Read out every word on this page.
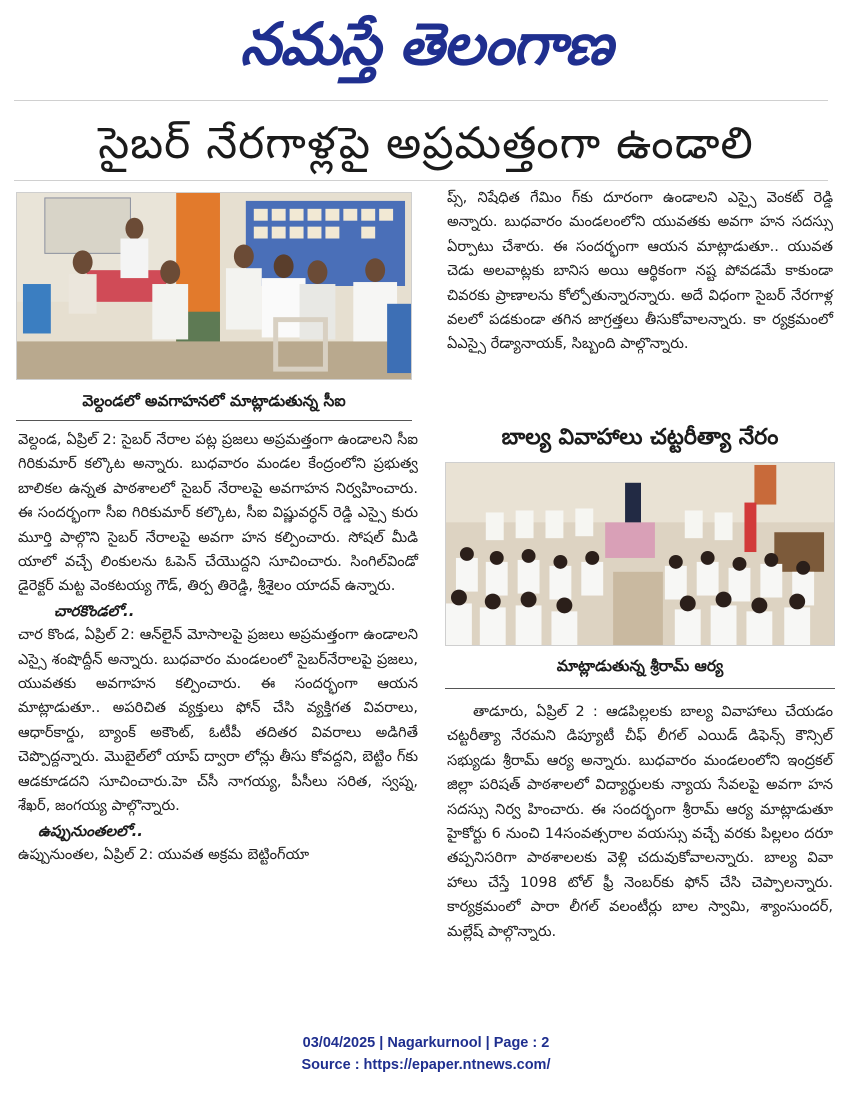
నమస్తే తెలంగాణ
సైబర్ నేరగాళ్లపై అప్రమత్తంగా ఉండాలి
వెల్దండలో అవగాహనలో మాట్లాడుతున్న సీఐ

వెల్దండ, ఏప్రిల్ 2: సైబర్ నేరాల పట్ల ప్రజలు అప్రమత్తంగా ఉండాలని సీఐ గిరికుమార్ కల్కొట అన్నారు. బుధవారం మండల కేంద్రంలోని ప్రభుత్వ బాలికల ఉన్నత పాఠశాలలో సైబర్ నేరాలపై అవగాహన నిర్వహించారు. ఈ సందర్భంగా సీఐ గిరికుమార్ కల్కొట, సీఐ విష్ణువర్ధన్ రెడ్డి ఎస్సై కురు మూర్తి పాల్గొని సైబర్ నేరాలపై అవగా హన కల్పించారు. సోషల్ మీడి యాలో వచ్చే లింకులను ఓపెన్ చేయొద్దని సూచించారు. సింగిల్‌విండో డైరెక్టర్ మట్ట వెంకటయ్య గౌడ్, తిర్ప తిరెడ్డి, శ్రీశైలం యాదవ్ ఉన్నారు.

చారకొండలో..

చార కొండ, ఏప్రిల్ 2: ఆన్‌లైన్ మోసాలపై ప్రజలు అప్రమత్తంగా ఉండాలని ఎస్సై శంషొద్దీన్ అన్నారు. బుధవారం మండలంలో సైబర్‌నేరాలపై ప్రజలు, యువతకు అవగాహన కల్పించారు. ఈ సందర్భంగా ఆయన మాట్లాడుతూ.. అపరిచిత వ్యక్తులు ఫోన్ చేసి వ్యక్తిగత వివరాలు, ఆధార్‌కార్డు, బ్యాంక్ అకౌంట్, ఓటీపీ తదితర వివరాలు అడిగితే చెప్పొద్దన్నారు. మొబైల్‌లో యాప్ ద్వారా లోన్లు తీసు కోవద్దని, బెట్టిం గ్‌కు ఆడకూడదని సూచించారు.హె చ్‌సీ నాగయ్య, పీసీలు సరిత, స్వప్న, శేఖర్, జంగయ్య పాల్గొన్నారు.

ఉప్పునుంతలలో..

ఉప్పునుంతల, ఏప్రిల్ 2: యువత అక్రమ బెట్టింగ్‌యా

ప్స్, నిషేధిత గేమిం గ్‌కు దూరంగా ఉండాలని ఎస్సై వెంకట్ రెడ్డి అన్నారు. బుధవారం మండలంలోని యువతకు అవగా హన సదస్సు ఏర్పాటు చేశారు. ఈ సందర్భంగా ఆయన మాట్లాడుతూ.. యువత చెడు అలవాట్లకు బానిస అయి ఆర్థికంగా నష్ట పోవడమే కాకుండా చివరకు ప్రాణాలను కోల్పోతున్నారన్నారు. అదే విధంగా సైబర్ నేరగాళ్ల వలలో పడకుండా తగిన జాగ్రత్తలు తీసుకోవాలన్నారు. కా ర్యక్రమంలో ఏఎస్సై రేడ్యానాయక్, సిబ్బంది పాల్గొన్నారు.

బాల్య వివాహాలు చట్టరీత్యా నేరం
మాట్లాడుతున్న శ్రీరామ్ ఆర్య

తాడూరు, ఏప్రిల్ 2 : ఆడపిల్లలకు బాల్య వివాహాలు చేయడం చట్టరీత్యా నేరమని డిప్యూటీ చీఫ్ లీగల్ ఎయిడ్ డిఫెన్స్ కౌన్సిల్ సభ్యుడు శ్రీరామ్ ఆర్య అన్నారు. బుధవారం మండలంలోని ఇంద్రకల్ జిల్లా పరిషత్ పాఠశాలలో విద్యార్థులకు న్యాయ సేవలపై అవగా హన సదస్సు నిర్వ హించారు. ఈ సందర్భంగా శ్రీరామ్ ఆర్య మాట్లాడుతూ హైకోర్టు 6 నుంచి 14సంవత్సరాల వయస్సు వచ్చే వరకు పిల్లలం దరూ తప్పనిసరిగా పాఠశాలలకు వెళ్లి చదువుకోవాలన్నారు. బాల్య వివా హాలు చేస్తే 1098 టోల్ ఫ్రీ నెంబర్‌కు ఫోన్ చేసి చెప్పాలన్నారు. కార్యక్రమంలో పారా లీగల్ వలంటీర్లు బాల స్వామి, శ్యాంసుందర్, మల్లేష్ పాల్గొన్నారు.

03/04/2025 | Nagarkurnool | Page : 2
Source : https://epaper.ntnews.com/
